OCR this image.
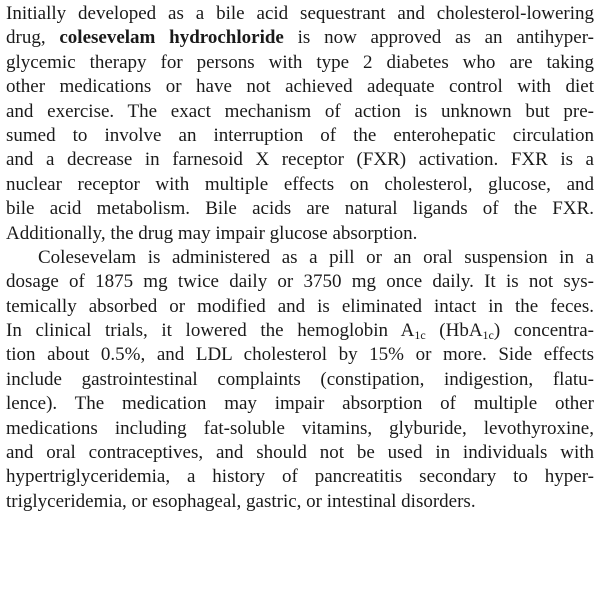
Initially developed as a bile acid sequestrant and cholesterol-lowering
drug, colesevelam hydrochloride is now approved as an antihyper-
glycemic therapy for persons with type 2 diabetes who are taking
other medications or have not achieved adequate control with diet
and exercise. The exact mechanism of action is unknown but pre-
sumed to involve an interruption of the enterohepatic circulation
and a decrease in farnesoid X receptor (FXR) activation. FXR is a
nuclear receptor with multiple effects on cholesterol, glucose, and
bile acid metabolism. Bile acids are natural ligands of the FXR.
Additionally, the drug may impair glucose absorption.
Colesevelam is administered as a pill or an oral suspension in a
dosage of 1875 mg twice daily or 3750 mg once daily. It is not sys-
temically absorbed or modified and is eliminated intact in the feces.
In clinical trials, it lowered the hemoglobin $A_{1c}$ (HbA$_{1c}$) concentra-
tion about 0.5%, and LDL cholesterol by 15% or more. Side effects
include gastrointestinal complaints (constipation, indigestion, flatu-
lence). The medication may impair absorption of multiple other
medications including fat-soluble vitamins, glyburide, levothyroxine,
and oral contraceptives, and should not be used in individuals with
hypertriglyceridemia, a history of pancreatitis secondary to hyper-
triglyceridemia, or esophageal, gastric, or intestinal disorders.
